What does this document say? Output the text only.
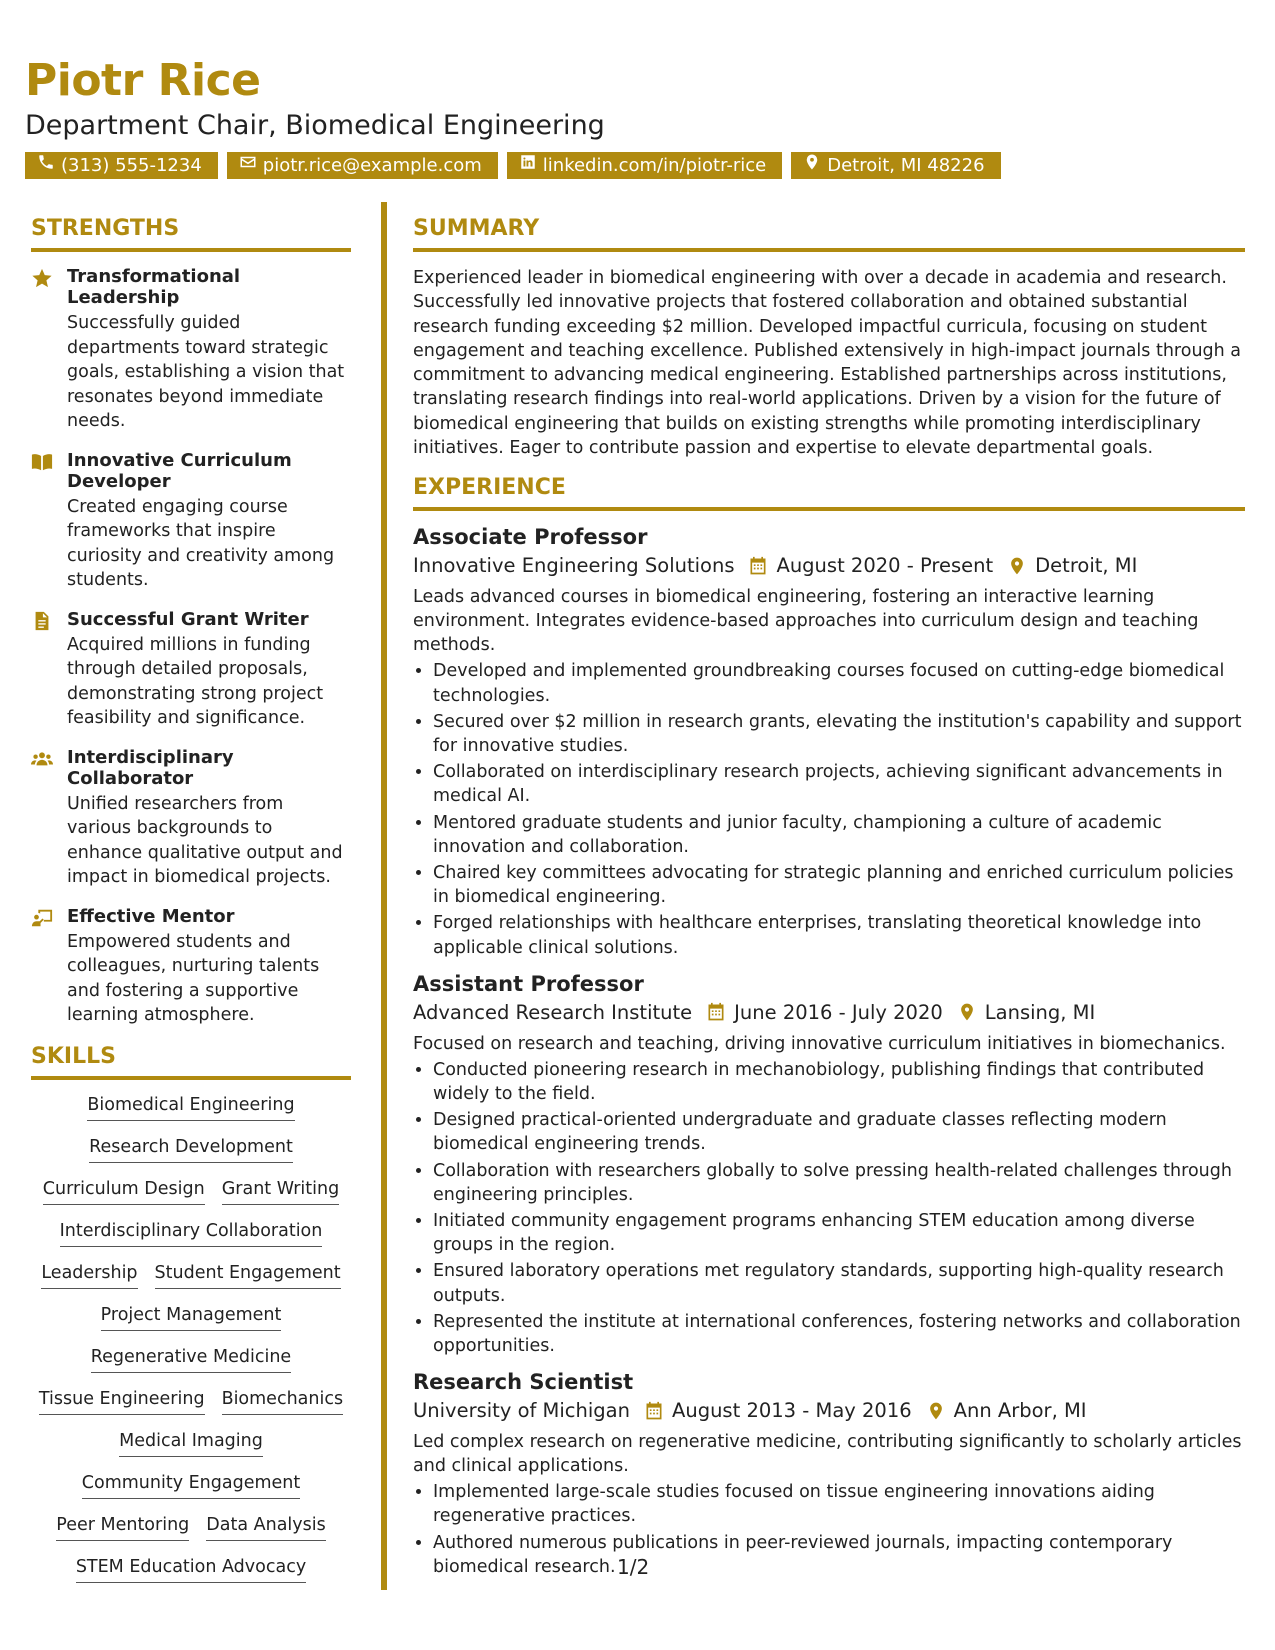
Piotr Rice
Department Chair, Biomedical Engineering
(313) 555-1234	piotr.rice@example.com	linkedin.com/in/piotr-rice	Detroit, MI 48226
STRENGTHS
Transformational Leadership

Successfully guided departments toward strategic goals, establishing a vision that resonates beyond immediate needs.

Innovative Curriculum Developer

Created engaging course frameworks that inspire curiosity and creativity among students.

Successful Grant Writer

Acquired millions in funding through detailed proposals, demonstrating strong project feasibility and significance.

Interdisciplinary Collaborator

Unified researchers from various backgrounds to enhance qualitative output and impact in biomedical projects.

Effective Mentor

Empowered students and colleagues, nurturing talents and fostering a supportive learning atmosphere.

SKILLS
Biomedical Engineering
Research Development
Curriculum Design Grant Writing
Interdisciplinary Collaboration
Leadership Student Engagement
Project Management
Regenerative Medicine
Tissue Engineering Biomechanics
Medical Imaging
Community Engagement
Peer Mentoring Data Analysis
STEM Education Advocacy
SUMMARY

Experienced leader in biomedical engineering with over a decade in academia and research. Successfully led innovative projects that fostered collaboration and obtained substantial research funding exceeding $2 million. Developed impactful curricula, focusing on student engagement and teaching excellence. Published extensively in high-impact journals through a commitment to advancing medical engineering. Established partnerships across institutions, translating research findings into real-world applications. Driven by a vision for the future of biomedical engineering that builds on existing strengths while promoting interdisciplinary initiatives. Eager to contribute passion and expertise to elevate departmental goals.

EXPERIENCE
Associate Professor
Innovative Engineering Solutions August 2020 - Present Detroit, MI

Leads advanced courses in biomedical engineering, fostering an interactive learning environment. Integrates evidence-based approaches into curriculum design and teaching methods.

• Developed and implemented groundbreaking courses focused on cutting-edge biomedical technologies.
• Secured over $2 million in research grants, elevating the institution's capability and support for innovative studies.
• Collaborated on interdisciplinary research projects, achieving significant advancements in medical AI.
• Mentored graduate students and junior faculty, championing a culture of academic innovation and collaboration.
• Chaired key committees advocating for strategic planning and enriched curriculum policies in biomedical engineering.
• Forged relationships with healthcare enterprises, translating theoretical knowledge into applicable clinical solutions.
Assistant Professor
Advanced Research Institute June 2016 - July 2020 Lansing, MI

Focused on research and teaching, driving innovative curriculum initiatives in biomechanics.

• Conducted pioneering research in mechanobiology, publishing findings that contributed widely to the field.
• Designed practical-oriented undergraduate and graduate classes reflecting modern biomedical engineering trends.
• Collaboration with researchers globally to solve pressing health-related challenges through engineering principles.
• Initiated community engagement programs enhancing STEM education among diverse groups in the region.
• Ensured laboratory operations met regulatory standards, supporting high-quality research outputs.
• Represented the institute at international conferences, fostering networks and collaboration opportunities.
Research Scientist
University of Michigan August 2013 - May 2016 Ann Arbor, MI

Led complex research on regenerative medicine, contributing significantly to scholarly articles and clinical applications.

• Implemented large-scale studies focused on tissue engineering innovations aiding regenerative practices.
• Authored numerous publications in peer-reviewed journals, impacting contemporary biomedical research. 1/2
